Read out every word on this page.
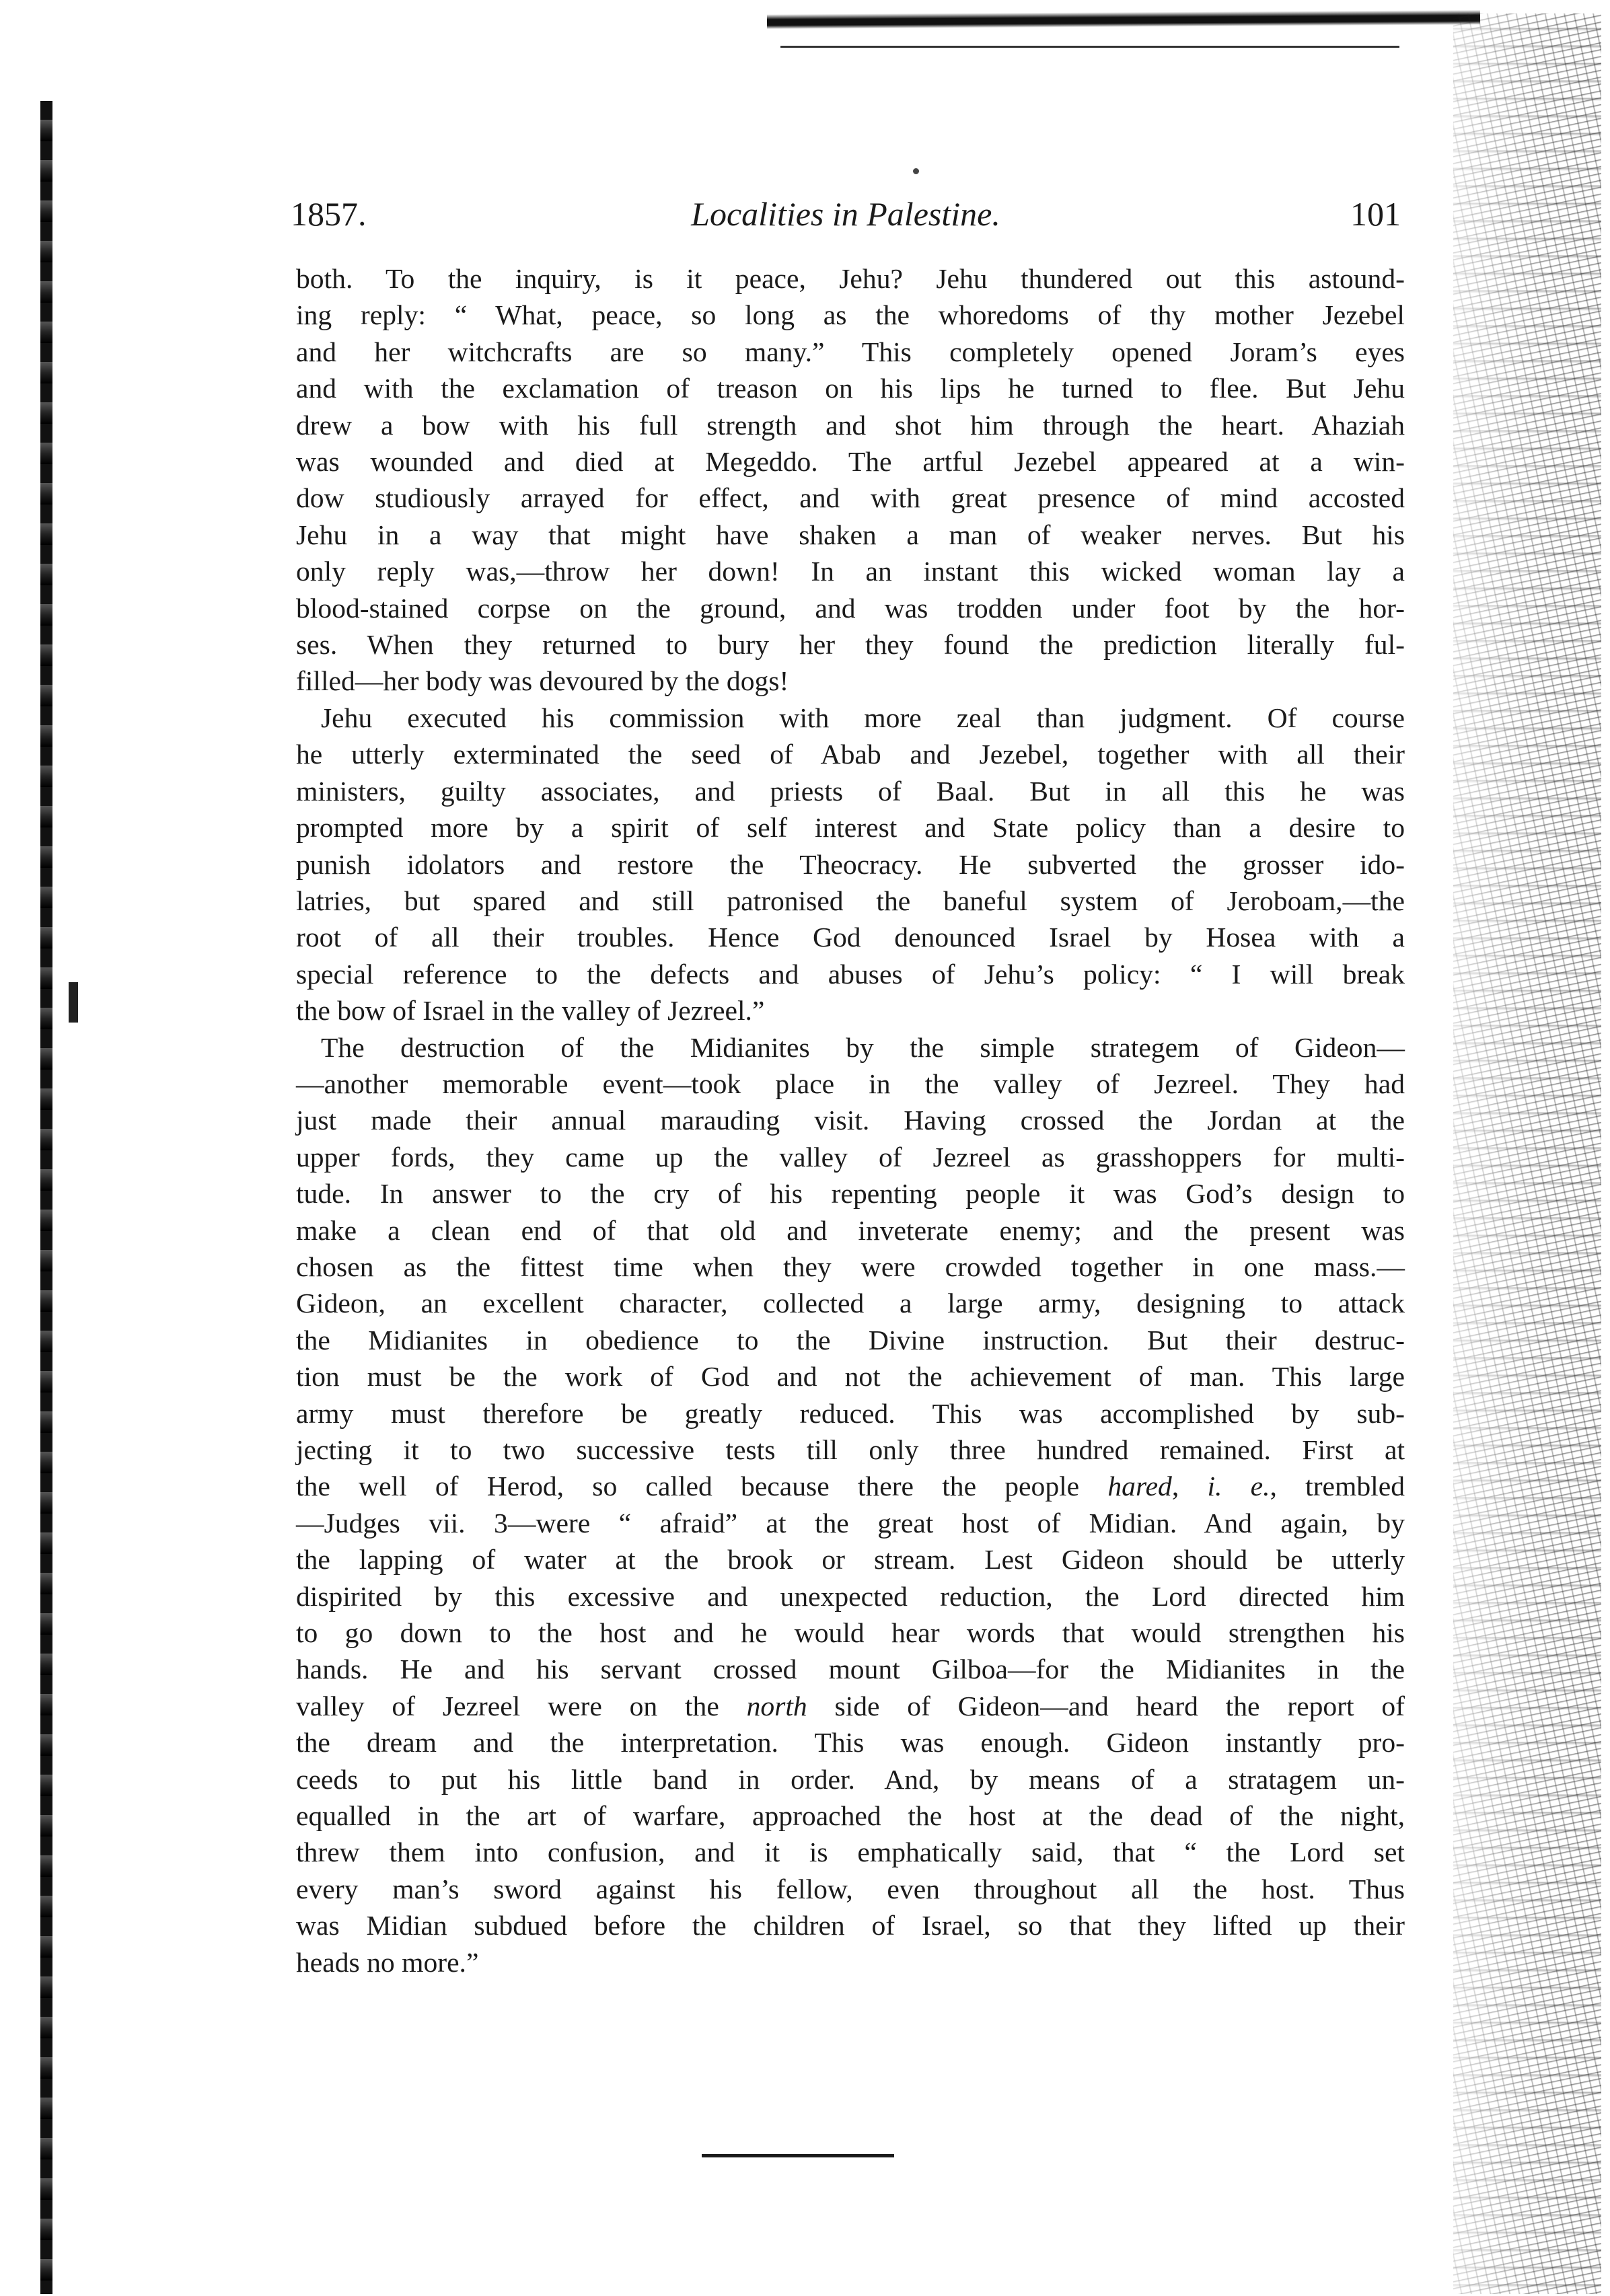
1857.	Localities in Palestine.	101

both. To the inquiry, is it peace, Jehu? Jehu thundered out this astound-
ing reply: “ What, peace, so long as the whoredoms of thy mother Jezebel
and her witchcrafts are so many.” This completely opened Joram’s eyes
and with the exclamation of treason on his lips he turned to flee. But Jehu
drew a bow with his full strength and shot him through the heart. Ahaziah
was wounded and died at Megeddo. The artful Jezebel appeared at a win-
dow studiously arrayed for effect, and with great presence of mind accosted
Jehu in a way that might have shaken a man of weaker nerves. But his
only reply was,—throw her down! In an instant this wicked woman lay a
blood-stained corpse on the ground, and was trodden under foot by the hor-
ses. When they returned to bury her they found the prediction literally ful-
filled—her body was devoured by the dogs!

Jehu executed his commission with more zeal than judgment. Of course
he utterly exterminated the seed of Abab and Jezebel, together with all their
ministers, guilty associates, and priests of Baal. But in all this he was
prompted more by a spirit of self interest and State policy than a desire to
punish idolators and restore the Theocracy. He subverted the grosser ido-
latries, but spared and still patronised the baneful system of Jeroboam,—the
root of all their troubles. Hence God denounced Israel by Hosea with a
special reference to the defects and abuses of Jehu’s policy: “ I will break
the bow of Israel in the valley of Jezreel.”

The destruction of the Midianites by the simple strategem of Gideon—
—another memorable event—took place in the valley of Jezreel. They had
just made their annual marauding visit. Having crossed the Jordan at the
upper fords, they came up the valley of Jezreel as grasshoppers for multi-
tude. In answer to the cry of his repenting people it was God’s design to
make a clean end of that old and inveterate enemy; and the present was
chosen as the fittest time when they were crowded together in one mass.—
Gideon, an excellent character, collected a large army, designing to attack
the Midianites in obedience to the Divine instruction. But their destruc-
tion must be the work of God and not the achievement of man. This large
army must therefore be greatly reduced. This was accomplished by sub-
jecting it to two successive tests till only three hundred remained. First at
the well of Herod, so called because there the people hared, i. e., trembled
—Judges vii. 3—were “ afraid” at the great host of Midian. And again, by
the lapping of water at the brook or stream. Lest Gideon should be utterly
dispirited by this excessive and unexpected reduction, the Lord directed him
to go down to the host and he would hear words that would strengthen his
hands. He and his servant crossed mount Gilboa—for the Midianites in the
valley of Jezreel were on the north side of Gideon—and heard the report of
the dream and the interpretation. This was enough. Gideon instantly pro-
ceeds to put his little band in order. And, by means of a stratagem un-
equalled in the art of warfare, approached the host at the dead of the night,
threw them into confusion, and it is emphatically said, that “ the Lord set
every man’s sword against his fellow, even throughout all the host. Thus
was Midian subdued before the children of Israel, so that they lifted up their
heads no more.”
